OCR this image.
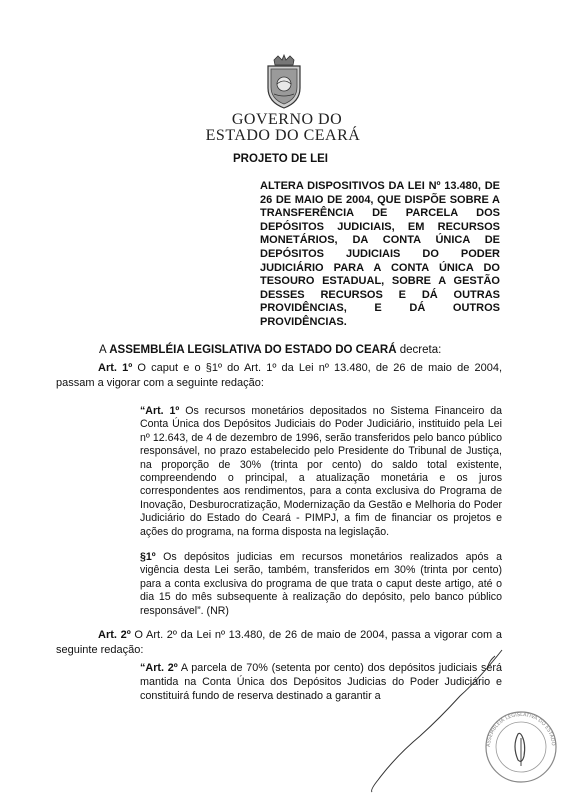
GOVERNO DO
ESTADO DO CEARÁ
PROJETO DE LEI
ALTERA DISPOSITIVOS DA LEI Nº 13.480, DE 26 DE MAIO DE 2004, QUE DISPÕE SOBRE A TRANSFERÊNCIA DE PARCELA DOS DEPÓSITOS JUDICIAIS, EM RECURSOS MONETÁRIOS, DA CONTA ÚNICA DE DEPÓSITOS JUDICIAIS DO PODER JUDICIÁRIO PARA A CONTA ÚNICA DO TESOURO ESTADUAL, SOBRE A GESTÃO DESSES RECURSOS E DÁ OUTRAS PROVIDÊNCIAS, E DÁ OUTROS PROVIDÊNCIAS.
A ASSEMBLÉIA LEGISLATIVA DO ESTADO DO CEARÁ decreta:
Art. 1º O caput e o §1º do Art. 1º da Lei nº 13.480, de 26 de maio de 2004, passam a vigorar com a seguinte redação:
“Art. 1º Os recursos monetários depositados no Sistema Financeiro da Conta Única dos Depósitos Judiciais do Poder Judiciário, instituido pela Lei nº 12.643, de 4 de dezembro de 1996, serão transferidos pelo banco público responsável, no prazo estabelecido pelo Presidente do Tribunal de Justiça, na proporção de 30% (trinta por cento) do saldo total existente, compreendendo o principal, a atualização monetária e os juros correspondentes aos rendimentos, para a conta exclusiva do Programa de Inovação, Desburocratização, Modernização da Gestão e Melhoria do Poder Judiciário do Estado do Ceará - PIMPJ, a fim de financiar os projetos e ações do programa, na forma disposta na legislação.
§1º Os depósitos judicias em recursos monetários realizados após a vigência desta Lei serão, também, transferidos em 30% (trinta por cento) para a conta exclusiva do programa de que trata o caput deste artigo, até o dia 15 do mês subsequente à realização do depósito, pelo banco público responsável”. (NR)
Art. 2º O Art. 2º da Lei nº 13.480, de 26 de maio de 2004, passa a vigorar com a seguinte redação:
“Art. 2º A parcela de 70% (setenta por cento) dos depósitos judiciais será mantida na Conta Única dos Depósitos Judicias do Poder Judiciário e constituirá fundo de reserva destinado a garantir a
ASSEMBLÉIA LEGISLATIVA DO ESTADO
